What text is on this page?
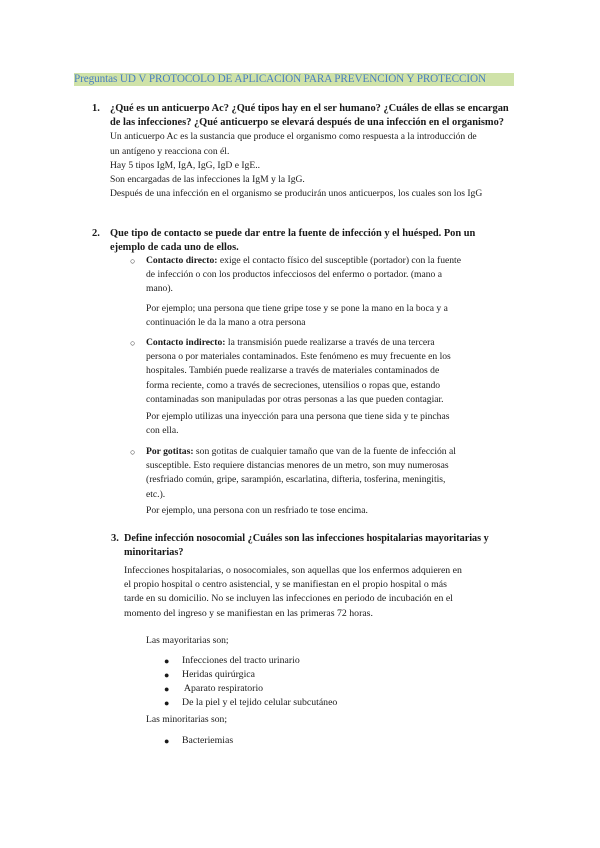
Preguntas UD V PROTOCOLO DE APLICACIÓN PARA PREVENCIÓN Y PROTECCIÓN
1. ¿Qué es un anticuerpo Ac? ¿Qué tipos hay en el ser humano? ¿Cuáles de ellas se encargan

de las infecciones? ¿Qué anticuerpo se elevará después de una infección en el organismo?

Un anticuerpo Ac es la sustancia que produce el organismo como respuesta a la introducción de

un antígeno y reacciona con él.

Hay 5 tipos IgM, IgA, IgG, IgD e IgE..

Son encargadas de las infecciones la IgM y la IgG.

Después de una infección en el organismo se producirán unos anticuerpos, los cuales son los IgG

2. Que tipo de contacto se puede dar entre la fuente de infección y el huésped. Pon un

ejemplo de cada uno de ellos.

○ Contacto directo: exige el contacto físico del susceptible (portador) con la fuente

de infección o con los productos infecciosos del enfermo o portador. (mano a

mano).

Por ejemplo; una persona que tiene gripe tose y se pone la mano en la boca y a

continuación le da la mano a otra persona

○ Contacto indirecto: la transmisión puede realizarse a través de una tercera

persona o por materiales contaminados. Este fenómeno es muy frecuente en los

hospitales. También puede realizarse a través de materiales contaminados de

forma reciente, como a través de secreciones, utensilios o ropas que, estando

contaminadas son manipuladas por otras personas a las que pueden contagiar.

Por ejemplo utilizas una inyección para una persona que tiene sida y te pinchas

con ella.

○ Por gotitas: son gotitas de cualquier tamaño que van de la fuente de infección al

susceptible. Esto requiere distancias menores de un metro, son muy numerosas

(resfriado común, gripe, sarampión, escarlatina, difteria, tosferina, meningitis,

etc.).

Por ejemplo, una persona con un resfriado te tose encima.

3. Define infección nosocomial ¿Cuáles son las infecciones hospitalarias mayoritarias y

minoritarias?

Infecciones hospitalarias, o nosocomiales, son aquellas que los enfermos adquieren en

el propio hospital o centro asistencial, y se manifiestan en el propio hospital o más

tarde en su domicilio. No se incluyen las infecciones en periodo de incubación en el

momento del ingreso y se manifiestan en las primeras 72 horas.

Las mayoritarias son;
● Infecciones del tracto urinario
● Heridas quirúrgica
● Aparato respiratorio
● De la piel y el tejido celular subcutáneo
Las minoritarias son;
● Bacteriemias
